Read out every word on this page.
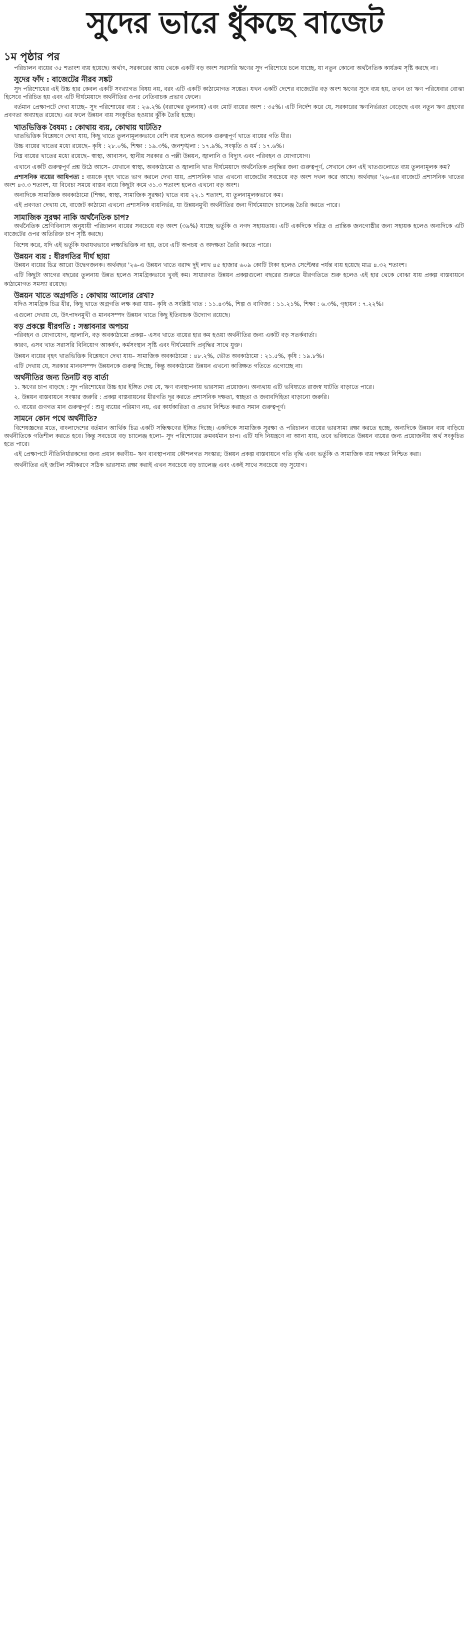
সুদের ভারে ধুঁকছে বাজেট
১ম পৃষ্ঠার পর

পরিচালন ব্যয়ের ৩৫ শতাংশ ব্যয় হয়েছে। অর্থাৎ, সরকারের আয় থেকে একটি বড় অংশ সরাসরি ঋণের সুদ পরিশোধে চলে যাচ্ছে, যা নতুন কোনো অর্থনৈতিক কার্যক্রম সৃষ্টি করছে না।

সুদের ফাঁদ : বাজেটের নীরব সঙ্কট

সুদ পরিশোধের এই উচ্চ হার কেবল একটি সংখ্যাগত বিষয় নয়, বরং এটি একটি কাঠামোগত সঙ্কেত। যখন একটি দেশের বাজেটের বড় অংশ ঋণের সুদে ব্যয় হয়, তখন তা ঋণ পরিষেবার বোঝা হিসেবে পরিচিত হয় এবং এটি দীর্ঘমেয়াদে অর্থনীতির ওপর নেতিবাচক প্রভাব ফেলে।

বর্তমান প্রেক্ষাপটে দেখা যাচ্ছে– সুদ পরিশোধের ব্যয় : ২৬.২% (বরাদ্দের তুলনায়) এবং মোট ব্যয়ের অংশ : ৩৫%। এটি নির্দেশ করে যে, সরকারের ঋণনির্ভরতা বেড়েছে এবং নতুন ঋণ গ্রহণের প্রবণতা অব্যাহত রয়েছে। এর ফলে উন্নয়ন ব্যয় সংকুচিত হওয়ার ঝুঁকি তৈরি হচ্ছে।

খাতভিত্তিক বৈষম্য : কোথায় ব্যয়, কোথায় ঘাটতি?

খাতভিত্তিক বিশ্লেষণে দেখা যায়, কিছু খাতে তুলনামূলকভাবে বেশি ব্যয় হলেও অনেক গুরুত্বপূর্ণ খাতে ব্যয়ের গতি ধীর।

উচ্চ ব্যয়ের খাতের মধ্যে রয়েছে– কৃষি : ২৮.০%, শিক্ষা : ১৯.৩%, জনশৃঙ্খলা : ১৭.৯%, সংস্কৃতি ও ধর্ম : ১৭.৬%।

নিম্ন ব্যয়ের খাতের মধ্যে রয়েছে– স্বাস্থ্য, আবাসন, স্থানীয় সরকার ও পল্লী উন্নয়ন, জ্বালানি ও বিদ্যুৎ এবং পরিবহন ও যোগাযোগ।

এখানে একটি গুরুত্বপূর্ণ প্রশ্ন উঠে আসে– যেখানে স্বাস্থ্য, অবকাঠামো ও জ্বালানি খাত দীর্ঘমেয়াদে অর্থনৈতিক প্রবৃদ্ধির জন্য গুরুত্বপূর্ণ, সেখানে কেন এই খাতগুলোতে ব্যয় তুলনামূলক কম?

প্রশাসনিক ব্যয়ের আধিপত্য : ব্যয়কে বৃহৎ খাতে ভাগ করলে দেখা যায়, প্রশাসনিক খাত এখনো বাজেটের সবচেয়ে বড় অংশ দখল করে আছে। অর্থবছর '২৬-এর বাজেটে প্রশাসনিক খাতের অংশ ৪৩.৩ শতাংশ, যা বিবেচ্য সময়ে বাস্তব ব্যয়ে কিছুটা কমে ৩১.৩ শতাংশ হলেও এখনো বড় অংশ।

অন্যদিকে সামাজিক অবকাঠামো (শিক্ষা, স্বাস্থ্য, সামাজিক সুরক্ষা) খাতে ব্যয় ২২.১ শতাংশ, যা তুলনামূলকভাবে কম।

এই প্রবণতা দেখায় যে, বাজেট কাঠামো এখনো প্রশাসনিক ব্যয়নির্ভর, যা উন্নয়নমুখী অর্থনীতির জন্য দীর্ঘমেয়াদে চ্যালেঞ্জ তৈরি করতে পারে।

সামাজিক সুরক্ষা নাকি অর্থনৈতিক চাপ?

অর্থনৈতিক শ্রেণিবিন্যাস অনুযায়ী পরিচালন ব্যয়ের সবচেয়ে বড় অংশ (৩৯%) যাচ্ছে ভর্তুকি ও নগদ সহায়তায়। এটি একদিকে দরিদ্র ও প্রান্তিক জনগোষ্ঠীর জন্য সহায়ক হলেও অন্যদিকে এটি বাজেটের ওপর অতিরিক্ত চাপ সৃষ্টি করছে।

বিশেষ করে, যদি এই ভর্তুকি যথাযথভাবে লক্ষ্যভিত্তিক না হয়, তবে এটি অপচয় ও অদক্ষতা তৈরি করতে পারে।

উন্নয়ন ব্যয় : ধীরগতির দীর্ঘ ছায়া

উন্নয়ন ব্যয়ের চিত্র আরো উদ্বেগজনক। অর্থবছর '২৬-এ উন্নয়ন খাতে বরাদ্দ দুই লাখ ৪৫ হাজার ৬০৯ কোটি টাকা হলেও সেপ্টেম্বর পর্যন্ত ব্যয় হয়েছে মাত্র ৪.৩২ শতাংশ।

এটি কিছুটা আগের বছরের তুলনায় উন্নত হলেও সামগ্রিকভাবে খুবই কম। সাধারণত উন্নয়ন প্রকল্পগুলো বছরের শুরুতে ধীরগতিতে শুরু হলেও এই হার থেকে বোঝা যায় প্রকল্প বাস্তবায়নে কাঠামোগত সমস্যা রয়েছে।

উন্নয়ন খাতে অগ্রগতি : কোথায় আলোর রেখা?

যদিও সামগ্রিক চিত্র ধীর, কিছু খাতে অগ্রগতি লক্ষ করা যায়– কৃষি ও সংশ্লিষ্ট খাত : ১১.৪৩%, শিল্প ও বাণিজ্য : ১১.২১%, শিক্ষা : ৬.৩%, গৃহায়ন : ৭.২২%।

এগুলো দেখায় যে, উৎপাদনমুখী ও মানবসম্পদ উন্নয়ন খাতে কিছু ইতিবাচক উদ্যোগ রয়েছে।

বড় প্রকল্পে ধীরগতি : সম্ভাবনার অপচয়

পরিবহন ও যোগাযোগ, জ্বালানি, বড় অবকাঠামো প্রকল্প– এসব খাতে ব্যয়ের হার কম হওয়া অর্থনীতির জন্য একটি বড় সতর্কবার্তা।

কারণ, এসব খাত সরাসরি বিনিয়োগ আকর্ষণ, কর্মসংস্থান সৃষ্টি এবং দীর্ঘমেয়াদি প্রবৃদ্ধির সাথে যুক্ত।

উন্নয়ন ব্যয়ের বৃহৎ খাতভিত্তিক বিশ্লেষণে দেখা যায়– সামাজিক অবকাঠামো : ৪৮.২%, ভৌত অবকাঠামো : ২১.৫%, কৃষি : ১৯.৮%।

এটি দেখায় যে, সরকার মানবসম্পদ উন্নয়নকে গুরুত্ব দিচ্ছে, কিন্তু অবকাঠামো উন্নয়ন এখনো কাঙ্ক্ষিত গতিতে এগোচ্ছে না।

অর্থনীতির জন্য তিনটি বড় বার্তা

১. ঋণের চাপ বাড়ছে : সুদ পরিশোধের উচ্চ হার ইঙ্গিত দেয় যে, ঋণ ব্যবস্থাপনায় ভারসাম্য প্রয়োজন। অন্যথায় এটি ভবিষ্যতে রাজস্ব ঘাটতি বাড়াতে পারে।

২. উন্নয়ন বাস্তবায়নে সংস্কার জরুরি : প্রকল্প বাস্তবায়নের ধীরগতি দূর করতে প্রশাসনিক দক্ষতা, স্বচ্ছতা ও জবাবদিহিতা বাড়ানো জরুরি।

৩. ব্যয়ের গুণগত মান গুরুত্বপূর্ণ : শুধু ব্যয়ের পরিমাণ নয়, এর কার্যকারিতা ও প্রভাব নিশ্চিত করাও সমান গুরুত্বপূর্ণ।

সামনে কোন পথে অর্থনীতি?

বিশেষজ্ঞদের মতে, বাংলাদেশের বর্তমান আর্থিক চিত্র একটি সন্ধিক্ষণের ইঙ্গিত দিচ্ছে। একদিকে সামাজিক সুরক্ষা ও পরিচালন ব্যয়ের ভারসাম্য রক্ষা করতে হচ্ছে, অন্যদিকে উন্নয়ন ব্যয় বাড়িয়ে অর্থনীতিকে গতিশীল করতে হবে। কিন্তু সবচেয়ে বড় চ্যালেঞ্জ হলো– সুদ পরিশোধের ক্রমবর্ধমান চাপ। এটি যদি নিয়ন্ত্রণে না আনা যায়, তবে ভবিষ্যতে উন্নয়ন ব্যয়ের জন্য প্রয়োজনীয় অর্থ সংকুচিত হতে পারে।

এই প্রেক্ষাপটে নীতিনির্ধারকদের জন্য প্রধান করণীয়– ঋণ ব্যবস্থাপনায় কৌশলগত সংস্কার; উন্নয়ন প্রকল্প বাস্তবায়নে গতি বৃদ্ধি এবং ভর্তুকি ও সামাজিক ব্যয় দক্ষতা নিশ্চিত করা।

অর্থনীতির এই জটিল সমীকরণে সঠিক ভারসাম্য রক্ষা করাই এখন সবচেয়ে বড় চ্যালেঞ্জ এবং একই সাথে সবচেয়ে বড় সুযোগ।
